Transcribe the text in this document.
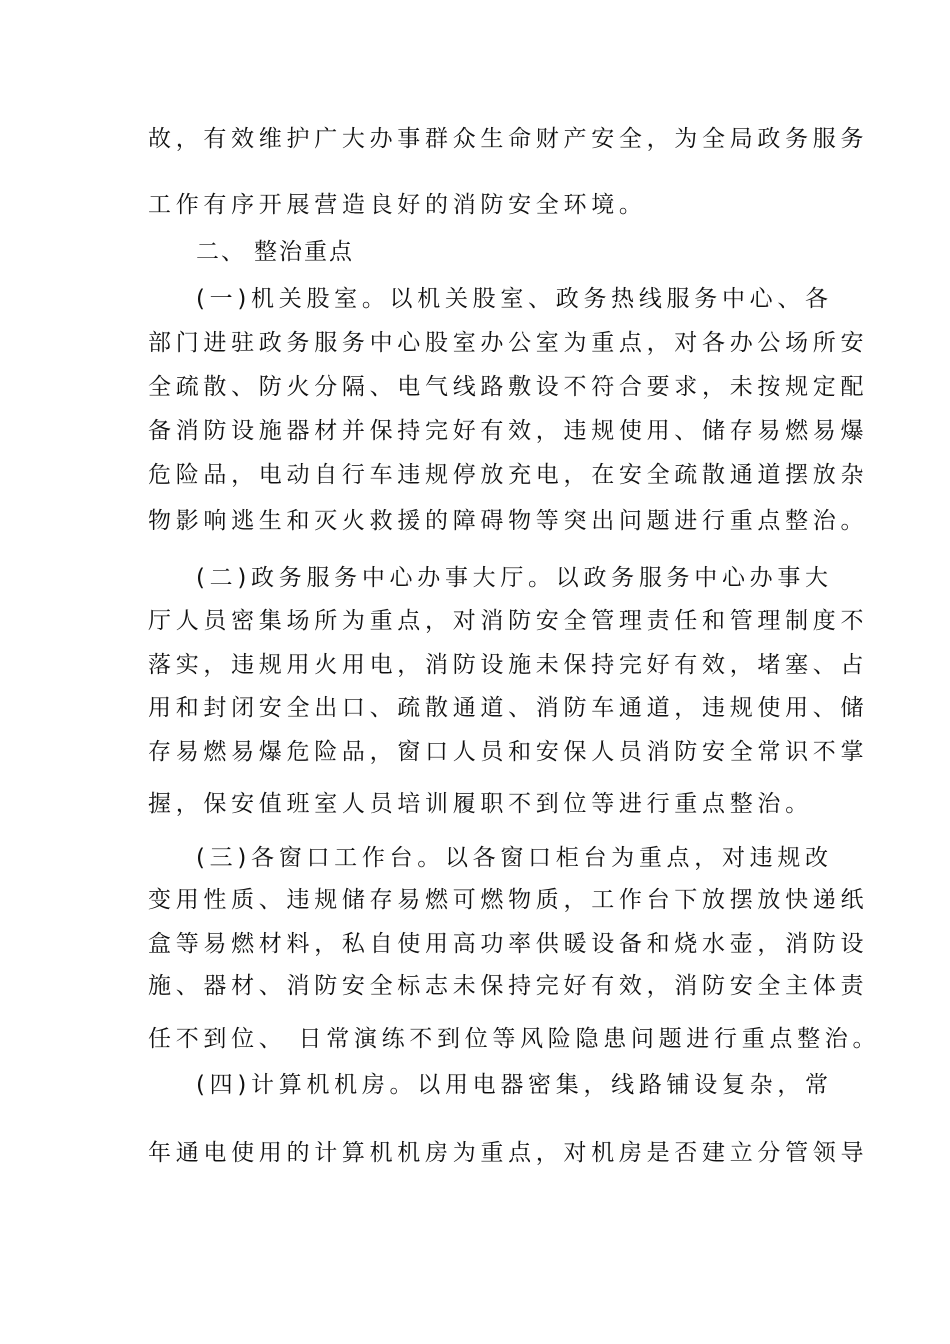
故，有效维护广大办事群众生命财产安全，为全局政务服务
工作有序开展营造良好的消防安全环境。
二、 整治重点
(一)机关股室。以机关股室、政务热线服务中心、各
部门进驻政务服务中心股室办公室为重点，对各办公场所安
全疏散、防火分隔、电气线路敷设不符合要求，未按规定配
备消防设施器材并保持完好有效，违规使用、储存易燃易爆
危险品，电动自行车违规停放充电，在安全疏散通道摆放杂
物影响逃生和灭火救援的障碍物等突出问题进行重点整治。
(二)政务服务中心办事大厅。以政务服务中心办事大
厅人员密集场所为重点，对消防安全管理责任和管理制度不
落实，违规用火用电，消防设施未保持完好有效，堵塞、占
用和封闭安全出口、疏散通道、消防车通道，违规使用、储
存易燃易爆危险品，窗口人员和安保人员消防安全常识不掌
握，保安值班室人员培训履职不到位等进行重点整治。
(三)各窗口工作台。以各窗口柜台为重点，对违规改
变用性质、违规储存易燃可燃物质，工作台下放摆放快递纸
盒等易燃材料，私自使用高功率供暖设备和烧水壶，消防设
施、器材、消防安全标志未保持完好有效，消防安全主体责
任不到位、 日常演练不到位等风险隐患问题进行重点整治。
(四)计算机机房。以用电器密集，线路铺设复杂，常
年通电使用的计算机机房为重点，对机房是否建立分管领导
